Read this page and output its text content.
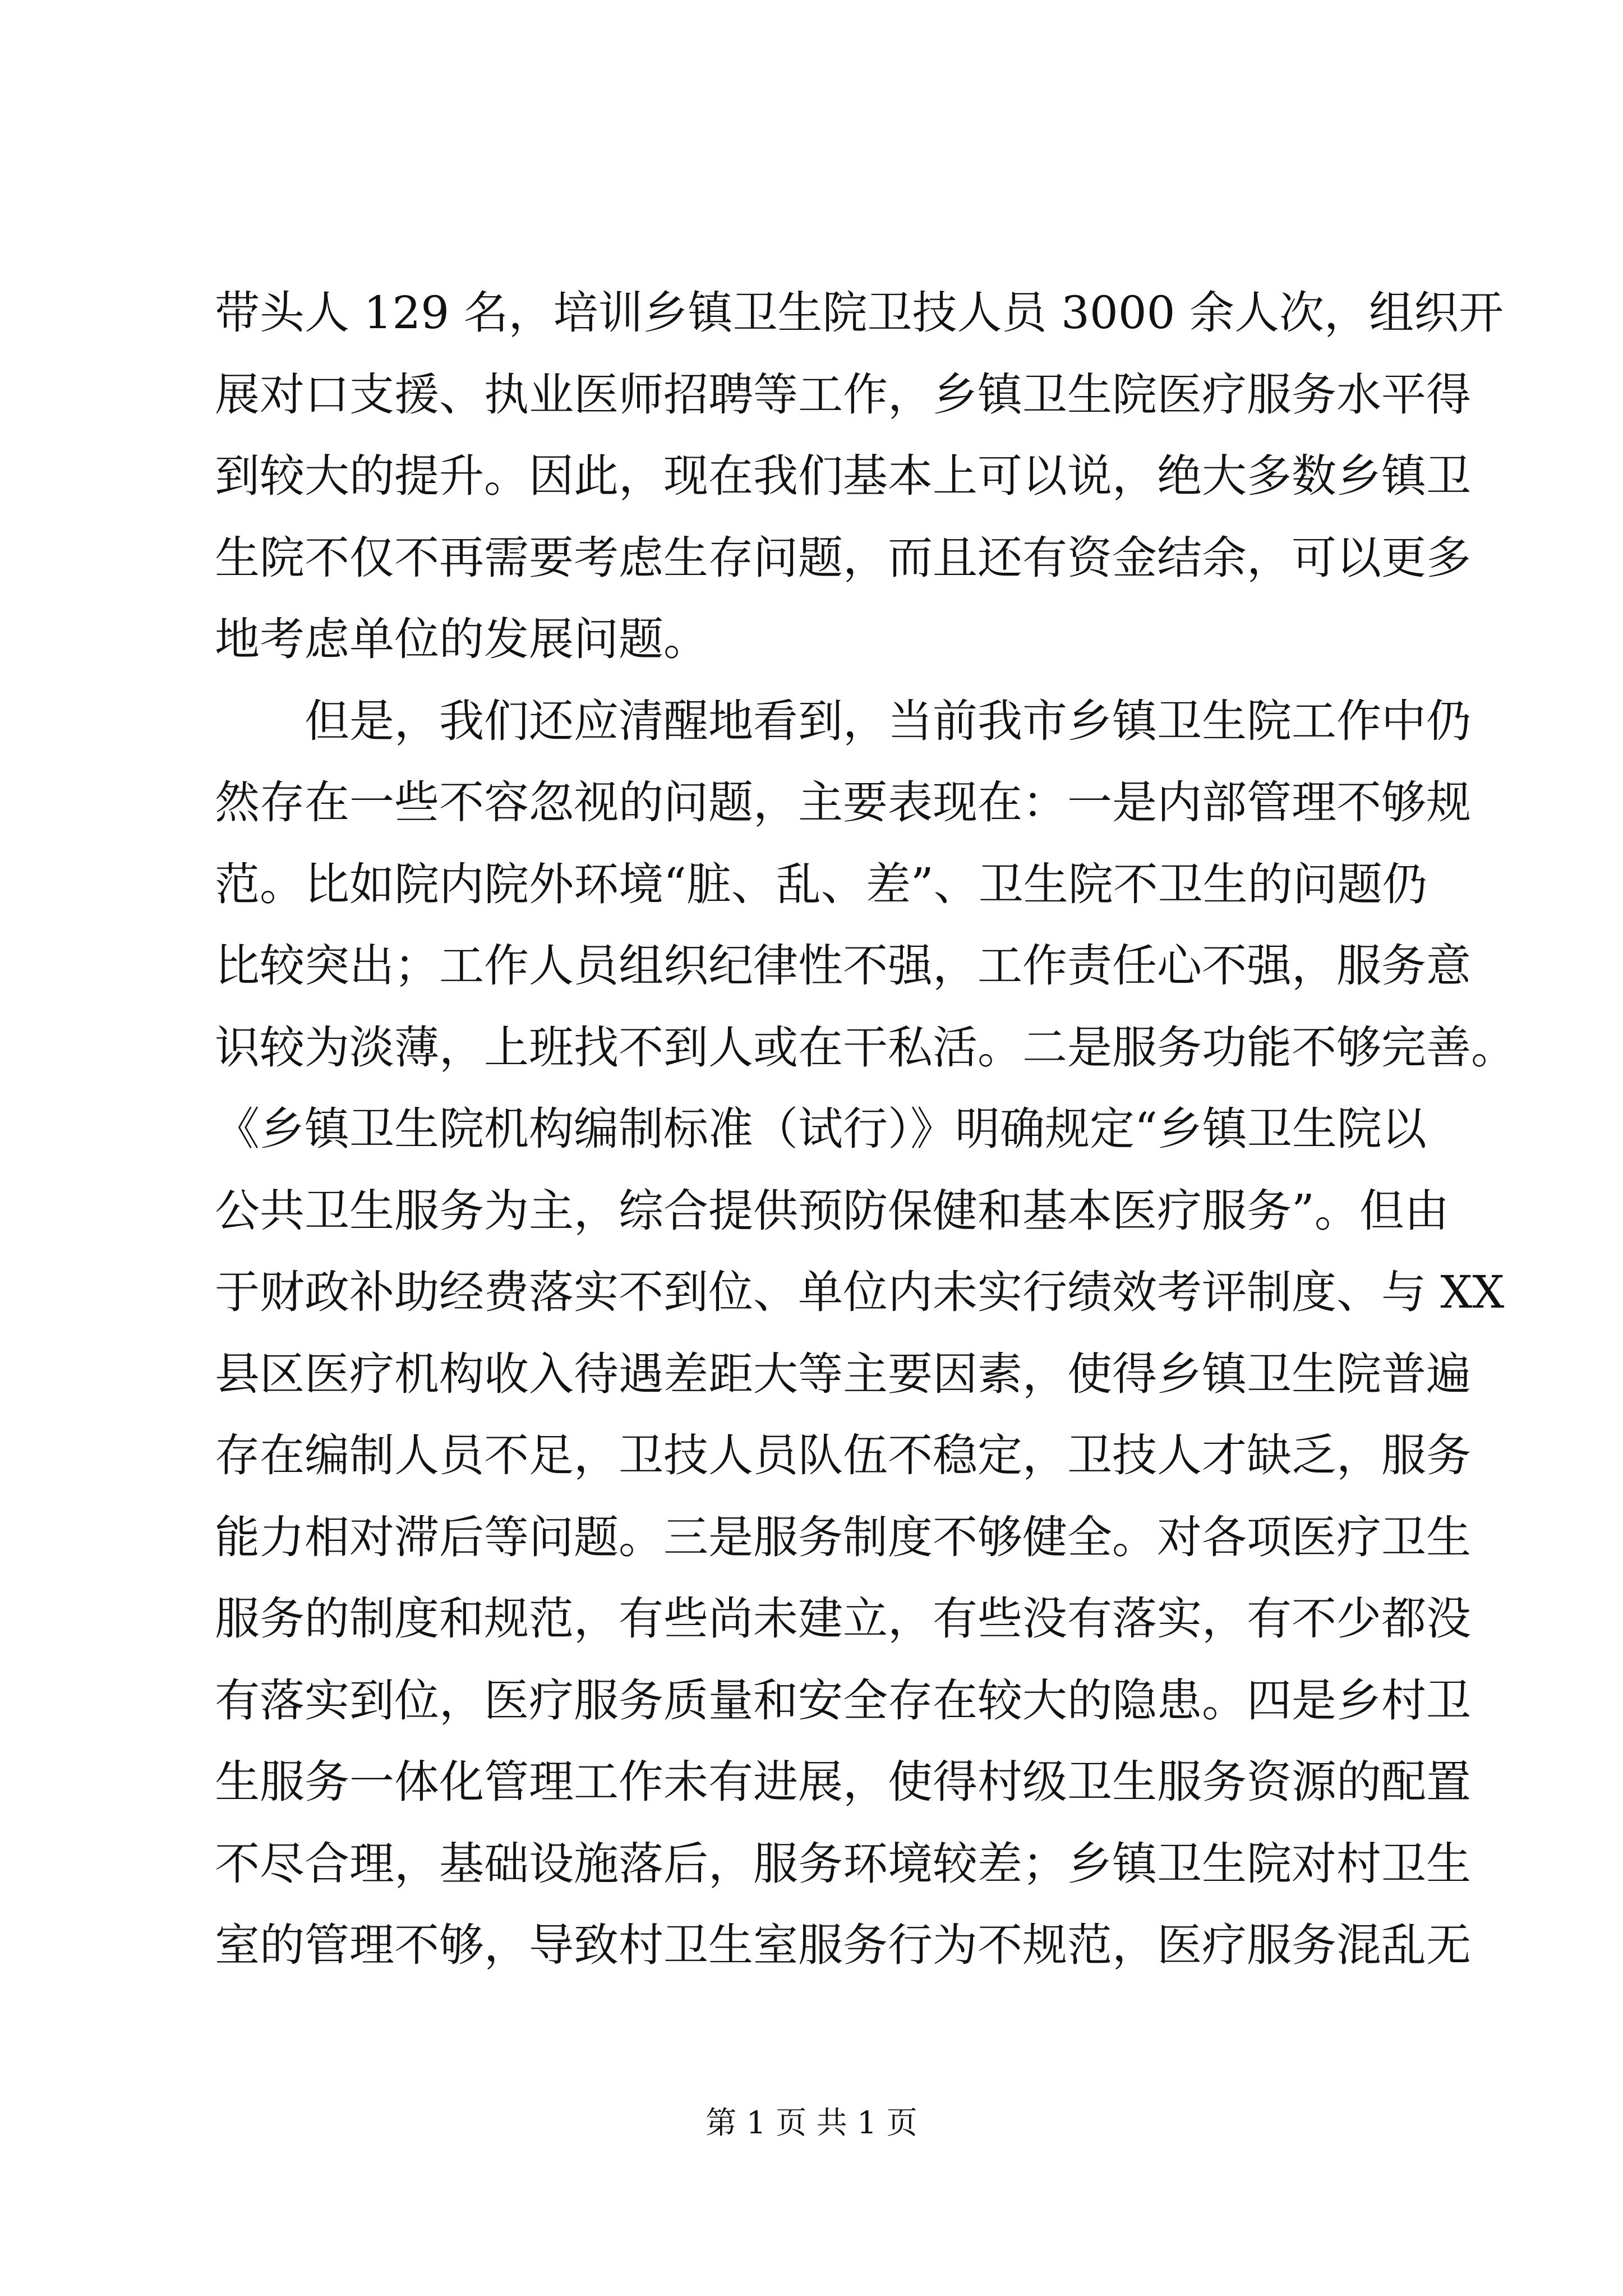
带头人 129 名，培训乡镇卫生院卫技人员 3000 余人次，组织开
展对口支援、执业医师招聘等工作，乡镇卫生院医疗服务水平得
到较大的提升。因此，现在我们基本上可以说，绝大多数乡镇卫
生院不仅不再需要考虑生存问题，而且还有资金结余，可以更多
地考虑单位的发展问题。
但是，我们还应清醒地看到，当前我市乡镇卫生院工作中仍
然存在一些不容忽视的问题，主要表现在：一是内部管理不够规
范。比如院内院外环境“脏、乱、差”、卫生院不卫生的问题仍
比较突出；工作人员组织纪律性不强，工作责任心不强，服务意
识较为淡薄，上班找不到人或在干私活。二是服务功能不够完善。
《乡镇卫生院机构编制标准（试行）》明确规定“乡镇卫生院以
公共卫生服务为主，综合提供预防保健和基本医疗服务”。但由
于财政补助经费落实不到位、单位内未实行绩效考评制度、与 XX
县区医疗机构收入待遇差距大等主要因素，使得乡镇卫生院普遍
存在编制人员不足，卫技人员队伍不稳定，卫技人才缺乏，服务
能力相对滞后等问题。三是服务制度不够健全。对各项医疗卫生
服务的制度和规范，有些尚未建立，有些没有落实，有不少都没
有落实到位，医疗服务质量和安全存在较大的隐患。四是乡村卫
生服务一体化管理工作未有进展，使得村级卫生服务资源的配置
不尽合理，基础设施落后，服务环境较差；乡镇卫生院对村卫生
室的管理不够，导致村卫生室服务行为不规范，医疗服务混乱无
第 1 页 共 1 页
